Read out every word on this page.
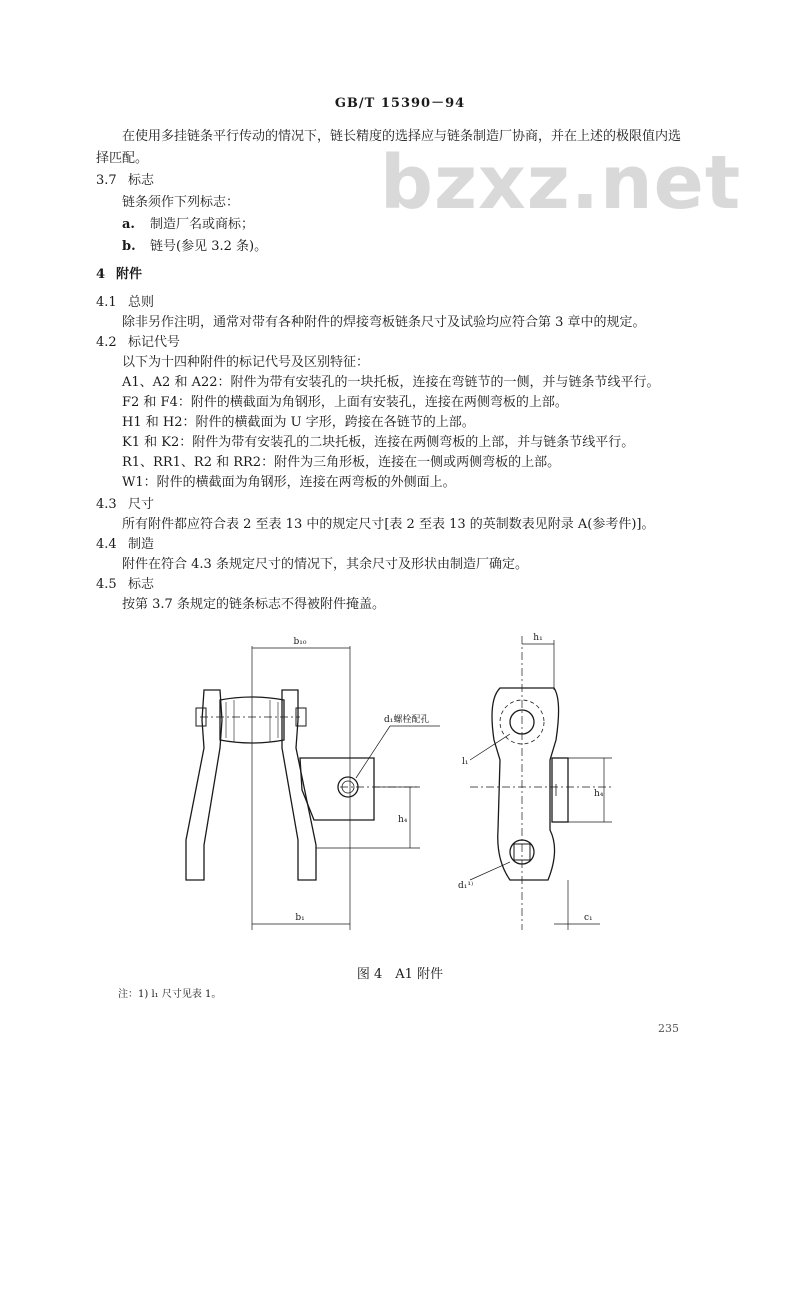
GB/T 15390－94
bzxz.net
在使用多挂链条平行传动的情况下，链长精度的选择应与链条制造厂协商，并在上述的极限值内选
择匹配。
3.7 标志
链条须作下列标志：
a. 制造厂名或商标；
b. 链号(参见 3.2 条)。
4 附件
4.1 总则
除非另作注明，通常对带有各种附件的焊接弯板链条尺寸及试验均应符合第 3 章中的规定。
4.2 标记代号
以下为十四种附件的标记代号及区别特征：
A1、A2 和 A22：附件为带有安装孔的一块托板，连接在弯链节的一侧，并与链条节线平行。
F2 和 F4：附件的横截面为角钢形，上面有安装孔，连接在两侧弯板的上部。
H1 和 H2：附件的横截面为 U 字形，跨接在各链节的上部。
K1 和 K2：附件为带有安装孔的二块托板，连接在两侧弯板的上部，并与链条节线平行。
R1、RR1、R2 和 RR2：附件为三角形板，连接在一侧或两侧弯板的上部。
W1：附件的横截面为角钢形，连接在两弯板的外侧面上。
4.3 尺寸
所有附件都应符合表 2 至表 13 中的规定尺寸[表 2 至表 13 的英制数表见附录 A(参考件)]。
4.4 制造
附件在符合 4.3 条规定尺寸的情况下，其余尺寸及形状由制造厂确定。
4.5 标志
按第 3.7 条规定的链条标志不得被附件掩盖。
b₁₀
d₁螺栓配孔
h₄
b₁
h₁
l₁
h₄
d₁¹⁾
c₁
图 4　A1 附件
注：1) l₁ 尺寸见表 1。
235
